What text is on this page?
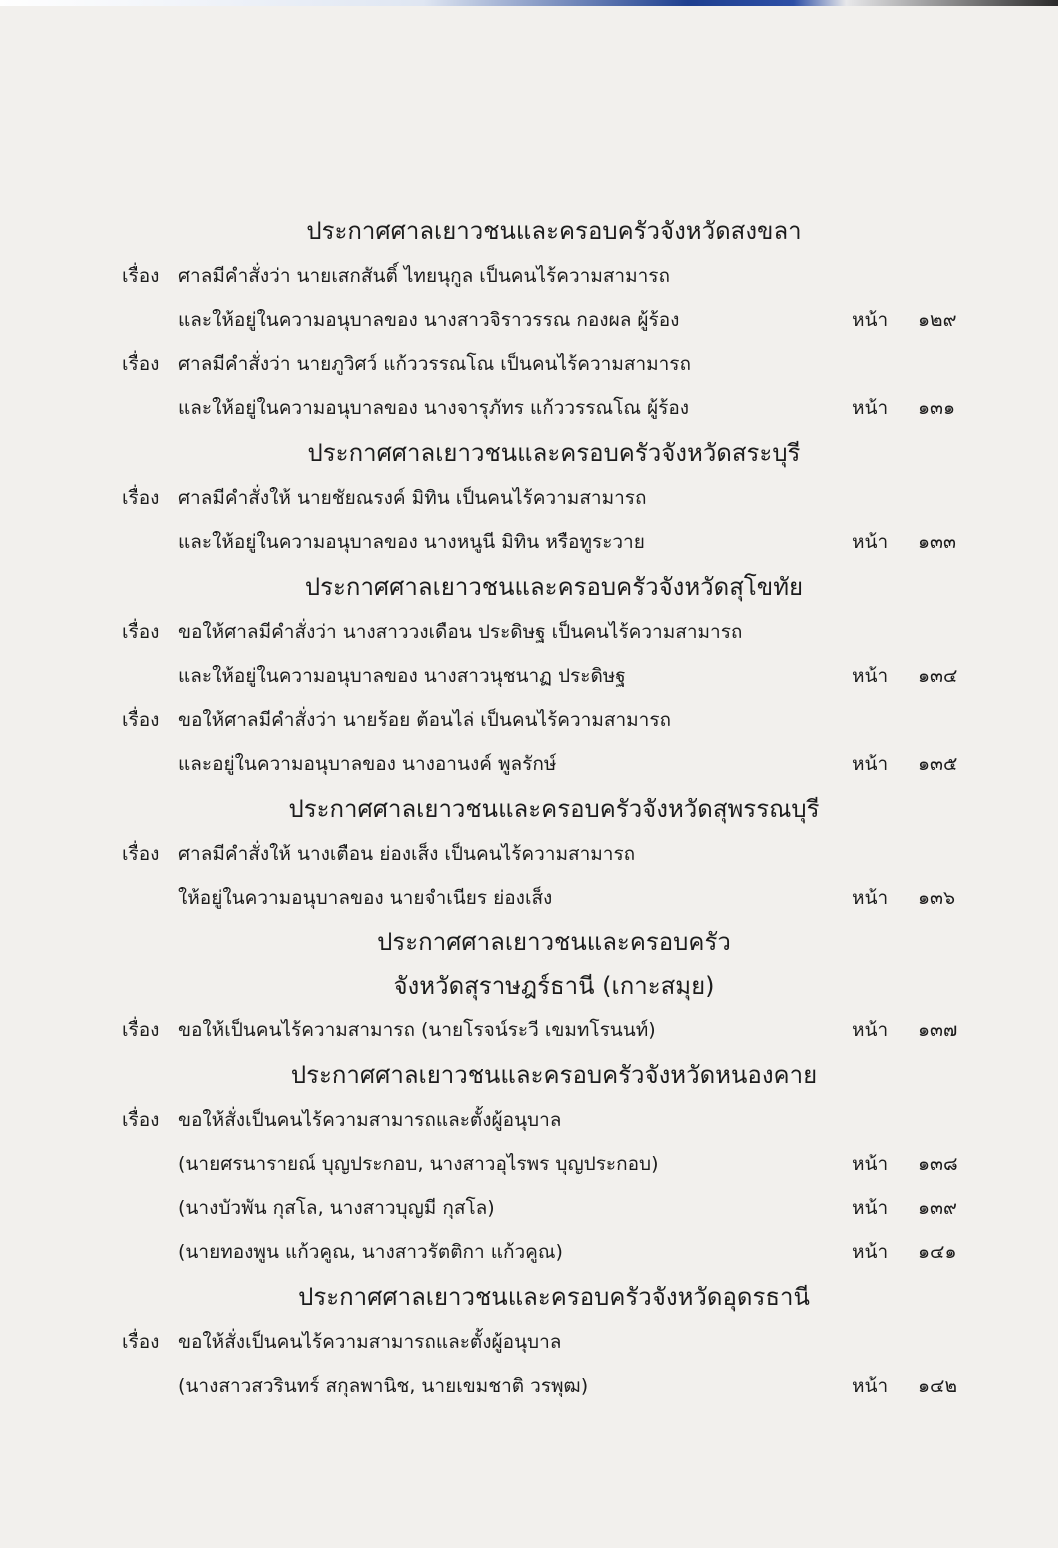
ประกาศศาลเยาวชนและครอบครัวจังหวัดสงขลา
เรื่อง ศาลมีคำสั่งว่า นายเสกสันติ์ ไทยนุกูล เป็นคนไร้ความสามารถ
และให้อยู่ในความอนุบาลของ นางสาวจิราวรรณ กองผล ผู้ร้อง	หน้า ๑๒๙
เรื่อง ศาลมีคำสั่งว่า นายภูวิศว์ แก้ววรรณโณ เป็นคนไร้ความสามารถ
และให้อยู่ในความอนุบาลของ นางจารุภัทร แก้ววรรณโณ ผู้ร้อง	หน้า ๑๓๑
ประกาศศาลเยาวชนและครอบครัวจังหวัดสระบุรี
เรื่อง ศาลมีคำสั่งให้ นายชัยณรงค์ มิทิน เป็นคนไร้ความสามารถ
และให้อยู่ในความอนุบาลของ นางหนูนี มิทิน หรือทูระวาย	หน้า ๑๓๓
ประกาศศาลเยาวชนและครอบครัวจังหวัดสุโขทัย
เรื่อง ขอให้ศาลมีคำสั่งว่า นางสาววงเดือน ประดิษฐ เป็นคนไร้ความสามารถ
และให้อยู่ในความอนุบาลของ นางสาวนุชนาฏ ประดิษฐ	หน้า ๑๓๔
เรื่อง ขอให้ศาลมีคำสั่งว่า นายร้อย ต้อนไล่ เป็นคนไร้ความสามารถ
และอยู่ในความอนุบาลของ นางอานงค์ พูลรักษ์	หน้า ๑๓๕
ประกาศศาลเยาวชนและครอบครัวจังหวัดสุพรรณบุรี
เรื่อง ศาลมีคำสั่งให้ นางเตือน ย่องเส็ง เป็นคนไร้ความสามารถ
ให้อยู่ในความอนุบาลของ นายจำเนียร ย่องเส็ง	หน้า ๑๓๖
ประกาศศาลเยาวชนและครอบครัว
จังหวัดสุราษฎร์ธานี (เกาะสมุย)
เรื่อง ขอให้เป็นคนไร้ความสามารถ (นายโรจน์ระวี เขมทโรนนท์)	หน้า ๑๓๗
ประกาศศาลเยาวชนและครอบครัวจังหวัดหนองคาย
เรื่อง ขอให้สั่งเป็นคนไร้ความสามารถและตั้งผู้อนุบาล
(นายศรนารายณ์ บุญประกอบ, นางสาวอุไรพร บุญประกอบ)	หน้า ๑๓๘
(นางบัวพัน กุสโล, นางสาวบุญมี กุสโล)	หน้า ๑๓๙
(นายทองพูน แก้วคูณ, นางสาวรัตติกา แก้วคูณ)	หน้า ๑๔๑
ประกาศศาลเยาวชนและครอบครัวจังหวัดอุดรธานี
เรื่อง ขอให้สั่งเป็นคนไร้ความสามารถและตั้งผู้อนุบาล
(นางสาวสวรินทร์ สกุลพานิช, นายเขมชาติ วรพุฒ)	หน้า ๑๔๒
